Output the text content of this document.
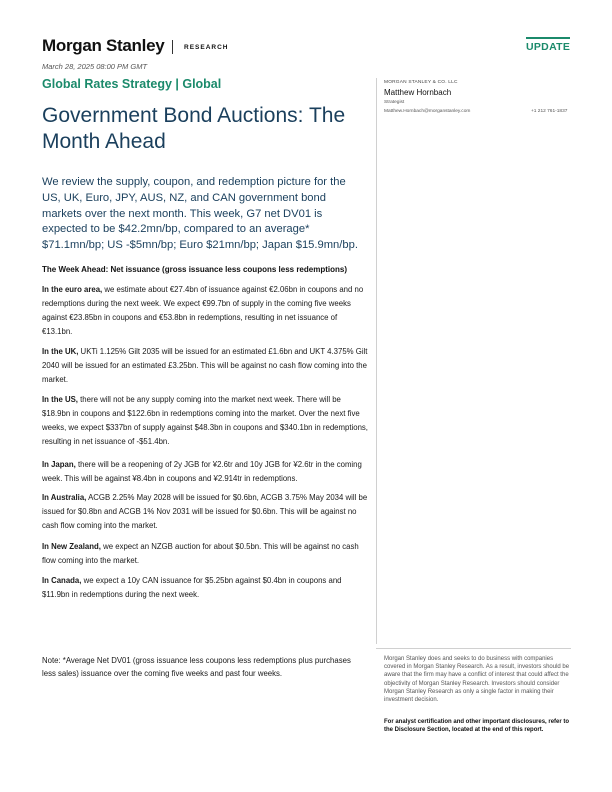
Morgan Stanley	RESEARCH	UPDATE
March 28, 2025 08:00 PM GMT
Global Rates Strategy | Global
Government Bond Auctions: The Month Ahead
We review the supply, coupon, and redemption picture for the US, UK, Euro, JPY, AUS, NZ, and CAN government bond markets over the next month. This week, G7 net DV01 is expected to be $42.2mn/bp, compared to an average* $71.1mn/bp; US -$5mn/bp; Euro $21mn/bp; Japan $15.9mn/bp.
The Week Ahead: Net issuance (gross issuance less coupons less redemptions)
In the euro area, we estimate about €27.4bn of issuance against €2.06bn in coupons and no redemptions during the next week. We expect €99.7bn of supply in the coming five weeks against €23.85bn in coupons and €53.8bn in redemptions, resulting in net issuance of €13.1bn.
In the UK, UKTi 1.125% Gilt 2035 will be issued for an estimated £1.6bn and UKT 4.375% Gilt 2040 will be issued for an estimated £3.25bn. This will be against no cash flow coming into the market.
In the US, there will not be any supply coming into the market next week. There will be $18.9bn in coupons and $122.6bn in redemptions coming into the market. Over the next five weeks, we expect $337bn of supply against $48.3bn in coupons and $340.1bn in redemptions, resulting in net issuance of -$51.4bn.
In Japan, there will be a reopening of 2y JGB for ¥2.6tr and 10y JGB for ¥2.6tr in the coming week. This will be against ¥8.4bn in coupons and ¥2.914tr in redemptions.
In Australia, ACGB 2.25% May 2028 will be issued for $0.6bn, ACGB 3.75% May 2034 will be issued for $0.8bn and ACGB 1% Nov 2031 will be issued for $0.6bn. This will be against no cash flow coming into the market.
In New Zealand, we expect an NZGB auction for about $0.5bn. This will be against no cash flow coming into the market.
In Canada, we expect a 10y CAN issuance for $5.25bn against $0.4bn in coupons and $11.9bn in redemptions during the next week.
Note: *Average Net DV01 (gross issuance less coupons less redemptions plus purchases less sales) issuance over the coming five weeks and past four weeks.
MORGAN STANLEY & CO. LLC
Matthew Hornbach
Strategist
Matthew.Hornbach@morganstanley.com	+1 212 761-1837
Morgan Stanley does and seeks to do business with companies covered in Morgan Stanley Research. As a result, investors should be aware that the firm may have a conflict of interest that could affect the objectivity of Morgan Stanley Research. Investors should consider Morgan Stanley Research as only a single factor in making their investment decision.
For analyst certification and other important disclosures, refer to the Disclosure Section, located at the end of this report.
